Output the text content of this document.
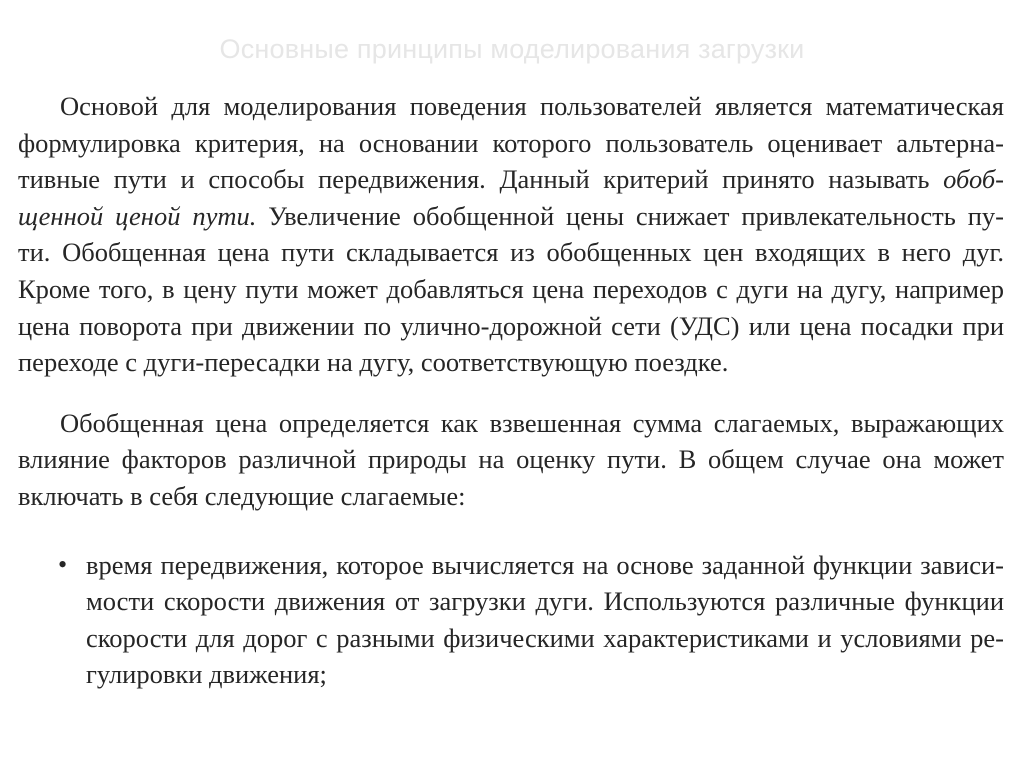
Основные принципы моделирования загрузки

Основой для моделирования поведения пользователей является математическая
формулировка критерия, на основании которого пользователь оценивает альтерна-
тивные пути и способы передвижения. Данный критерий принято называть обоб-
щенной ценой пути. Увеличение обобщенной цены снижает привлекательность пу-
ти. Обобщенная цена пути складывается из обобщенных цен входящих в него дуг.
Кроме того, в цену пути может добавляться цена переходов с дуги на дугу, например
цена поворота при движении по улично-дорожной сети (УДС) или цена посадки при
переходе с дуги-пересадки на дугу, соответствующую поездке.

Обобщенная цена определяется как взвешенная сумма слагаемых, выражающих
влияние факторов различной природы на оценку пути. В общем случае она может
включать в себя следующие слагаемые:

• время передвижения, которое вычисляется на основе заданной функции зависи-
мости скорости движения от загрузки дуги. Используются различные функции
скорости для дорог с разными физическими характеристиками и условиями ре-
гулировки движения;
